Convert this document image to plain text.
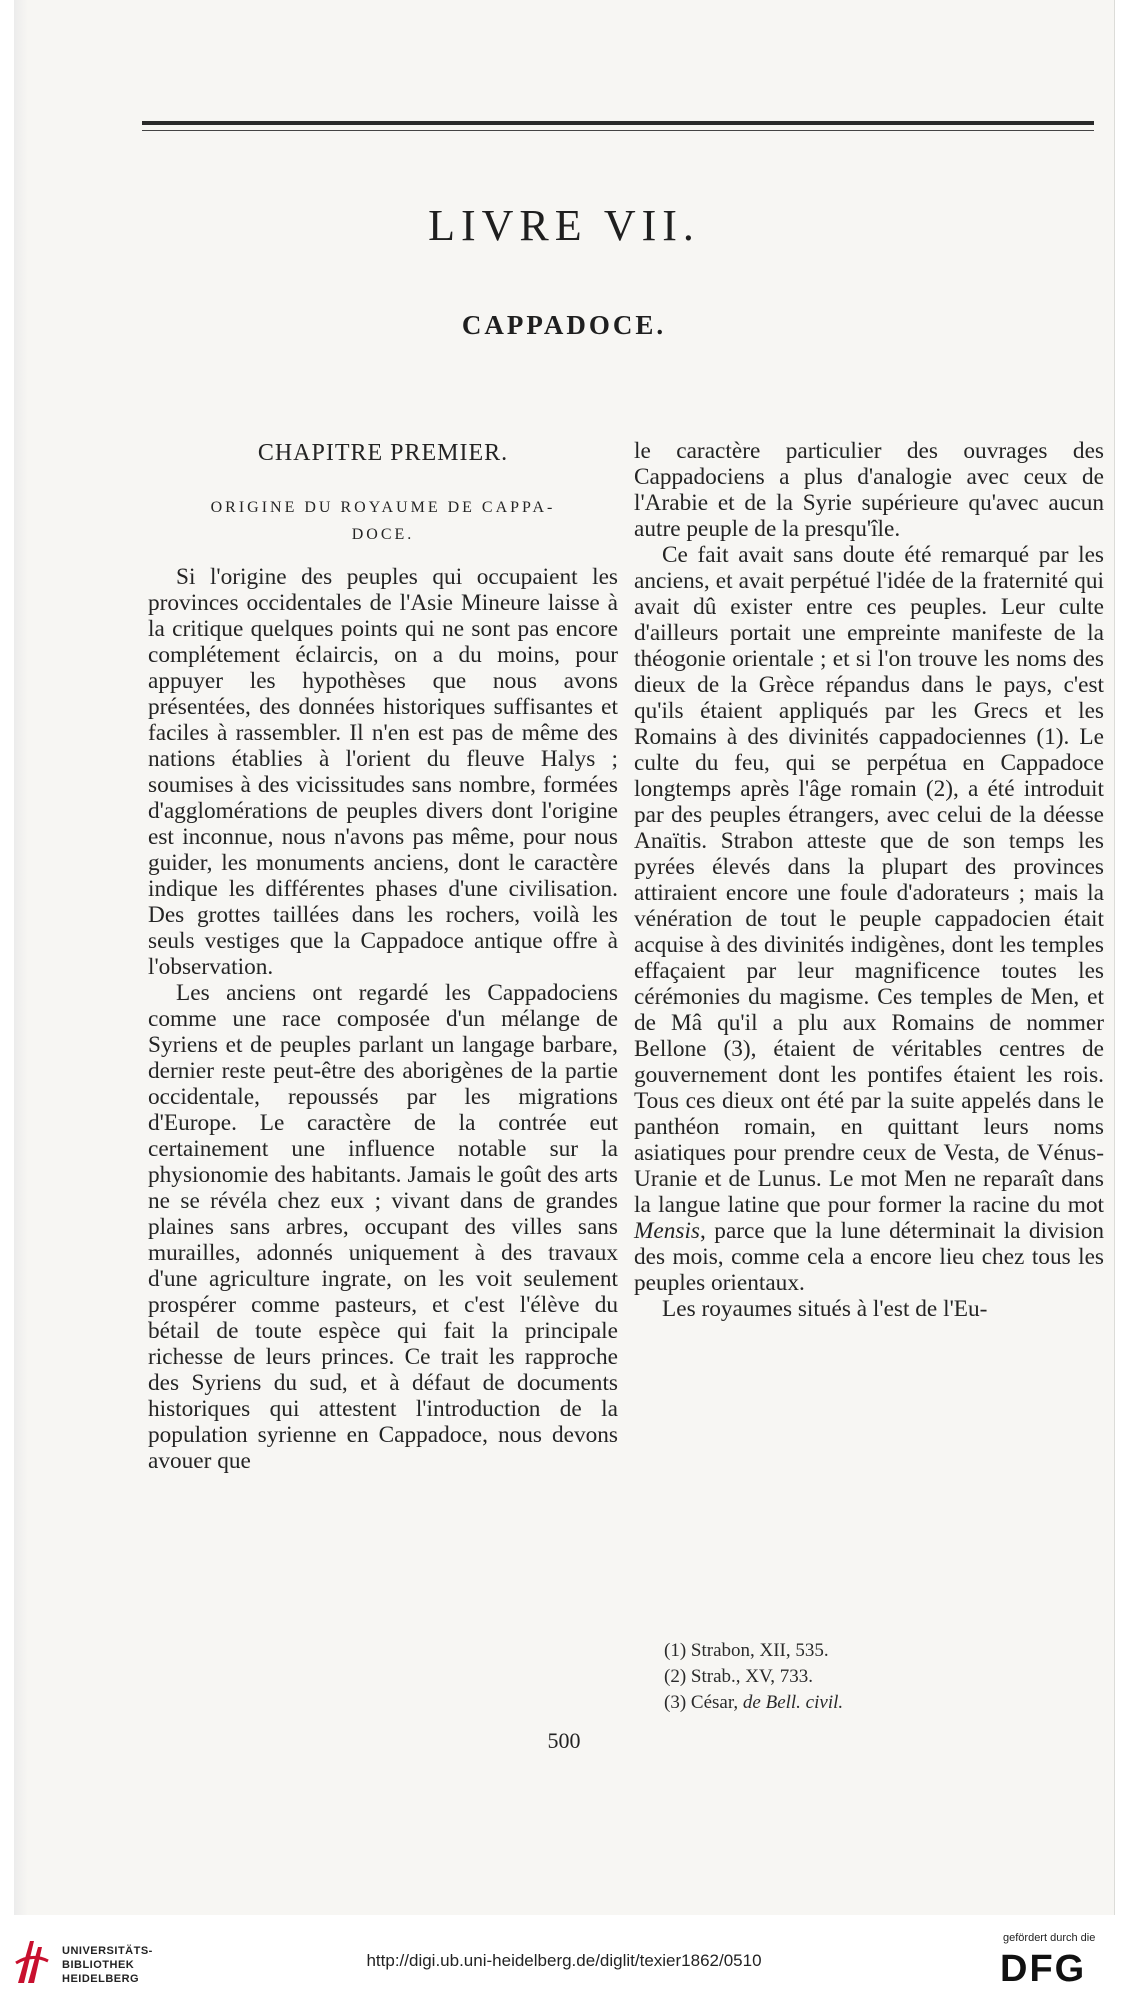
LIVRE VII.
CAPPADOCE.
CHAPITRE PREMIER.
ORIGINE DU ROYAUME DE CAPPA-
DOCE.

Si l'origine des peuples qui occupaient les provinces occidentales de l'Asie Mineure laisse à la critique quelques points qui ne sont pas encore complétement éclaircis, on a du moins, pour appuyer les hypothèses que nous avons présentées, des données historiques suffisantes et faciles à rassembler. Il n'en est pas de même des nations établies à l'orient du fleuve Halys ; soumises à des vicissitudes sans nombre, formées d'agglomérations de peuples divers dont l'origine est inconnue, nous n'avons pas même, pour nous guider, les monuments anciens, dont le caractère indique les différentes phases d'une civilisation. Des grottes taillées dans les rochers, voilà les seuls vestiges que la Cappadoce antique offre à l'observation.

Les anciens ont regardé les Cappadociens comme une race composée d'un mélange de Syriens et de peuples parlant un langage barbare, dernier reste peut-être des aborigènes de la partie occidentale, repoussés par les migrations d'Europe. Le caractère de la contrée eut certainement une influence notable sur la physionomie des habitants. Jamais le goût des arts ne se révéla chez eux ; vivant dans de grandes plaines sans arbres, occupant des villes sans murailles, adonnés uniquement à des travaux d'une agriculture ingrate, on les voit seulement prospérer comme pasteurs, et c'est l'élève du bétail de toute espèce qui fait la principale richesse de leurs princes. Ce trait les rapproche des Syriens du sud, et à défaut de documents historiques qui attestent l'introduction de la population syrienne en Cappadoce, nous devons avouer que

le caractère particulier des ouvrages des Cappadociens a plus d'analogie avec ceux de l'Arabie et de la Syrie supérieure qu'avec aucun autre peuple de la presqu'île.

Ce fait avait sans doute été remarqué par les anciens, et avait perpétué l'idée de la fraternité qui avait dû exister entre ces peuples. Leur culte d'ailleurs portait une empreinte manifeste de la théogonie orientale ; et si l'on trouve les noms des dieux de la Grèce répandus dans le pays, c'est qu'ils étaient appliqués par les Grecs et les Romains à des divinités cappadociennes (1). Le culte du feu, qui se perpétua en Cappadoce longtemps après l'âge romain (2), a été introduit par des peuples étrangers, avec celui de la déesse Anaïtis. Strabon atteste que de son temps les pyrées élevés dans la plupart des provinces attiraient encore une foule d'adorateurs ; mais la vénération de tout le peuple cappadocien était acquise à des divinités indigènes, dont les temples effaçaient par leur magnificence toutes les cérémonies du magisme. Ces temples de Men, et de Mâ qu'il a plu aux Romains de nommer Bellone (3), étaient de véritables centres de gouvernement dont les pontifes étaient les rois. Tous ces dieux ont été par la suite appelés dans le panthéon romain, en quittant leurs noms asiatiques pour prendre ceux de Vesta, de Vénus-Uranie et de Lunus. Le mot Men ne reparaît dans la langue latine que pour former la racine du mot Mensis, parce que la lune déterminait la division des mois, comme cela a encore lieu chez tous les peuples orientaux.

Les royaumes situés à l'est de l'Eu-

(1) Strabon, XII, 535.

(2) Strab., XV, 733.

(3) César, de Bell. civil.

500
UNIVERSITÄTS-
BIBLIOTHEK
HEIDELBERG
http://digi.ub.uni-heidelberg.de/diglit/texier1862/0510
gefördert durch die
DFG
